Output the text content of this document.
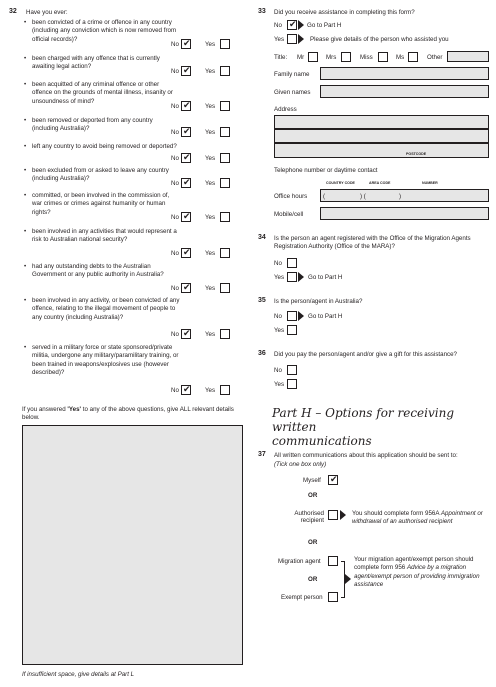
32 Have you ever:
• been convicted of a crime or offence in any country (including any conviction which is now removed from official records)?
No ✔	Yes
• been charged with any offence that is currently awaiting legal action?
No ✔	Yes
• been acquitted of any criminal offence or other offence on the grounds of mental illness, insanity or unsoundness of mind?
No ✔	Yes
• been removed or deported from any country (including Australia)?
No ✔	Yes
• left any country to avoid being removed or deported?
No ✔	Yes
• been excluded from or asked to leave any country (including Australia)?
No ✔	Yes
• committed, or been involved in the commission of, war crimes or crimes against humanity or human rights?
No ✔	Yes
• been involved in any activities that would represent a risk to Australian national security?
No ✔	Yes
• had any outstanding debts to the Australian Government or any public authority in Australia?
No ✔	Yes
• been involved in any activity, or been convicted of any offence, relating to the illegal movement of people to any country (including Australia)?
No ✔	Yes
• served in a military force or state sponsored/private militia, undergone any military/paramilitary training, or been trained in weapons/explosives use (however described)?
No ✔	Yes
If you answered 'Yes' to any of the above questions, give ALL relevant details below.
If insufficient space, give details at Part L
33 Did you receive assistance in completing this form?
No ✔	Go to Part H
Yes	Please give details of the person who assisted you
Title: Mr	Mrs	Miss	Ms	Other
Family name
Given names
Address
POSTCODE
Telephone number or daytime contact
COUNTRY CODE	AREA CODE	NUMBER
Office hours	(	) (	)
Mobile/cell
34 Is the person an agent registered with the Office of the Migration Agents Registration Authority (Office of the MARA)?
No
Yes	Go to Part H
35 Is the person/agent in Australia?
No	Go to Part H
Yes
36 Did you pay the person/agent and/or give a gift for this assistance?
No
Yes
Part H – Options for receiving written
communications
37 All written communications about this application should be sent to:
(Tick one box only)
Myself
✔
OR
Authorised
recipient
You should complete form 956A Appointment or withdrawal of an authorised recipient
OR
Migration agent
OR
Exempt person
Your migration agent/exempt person should complete form 956 Advice by a migration agent/exempt person of providing immigration assistance
